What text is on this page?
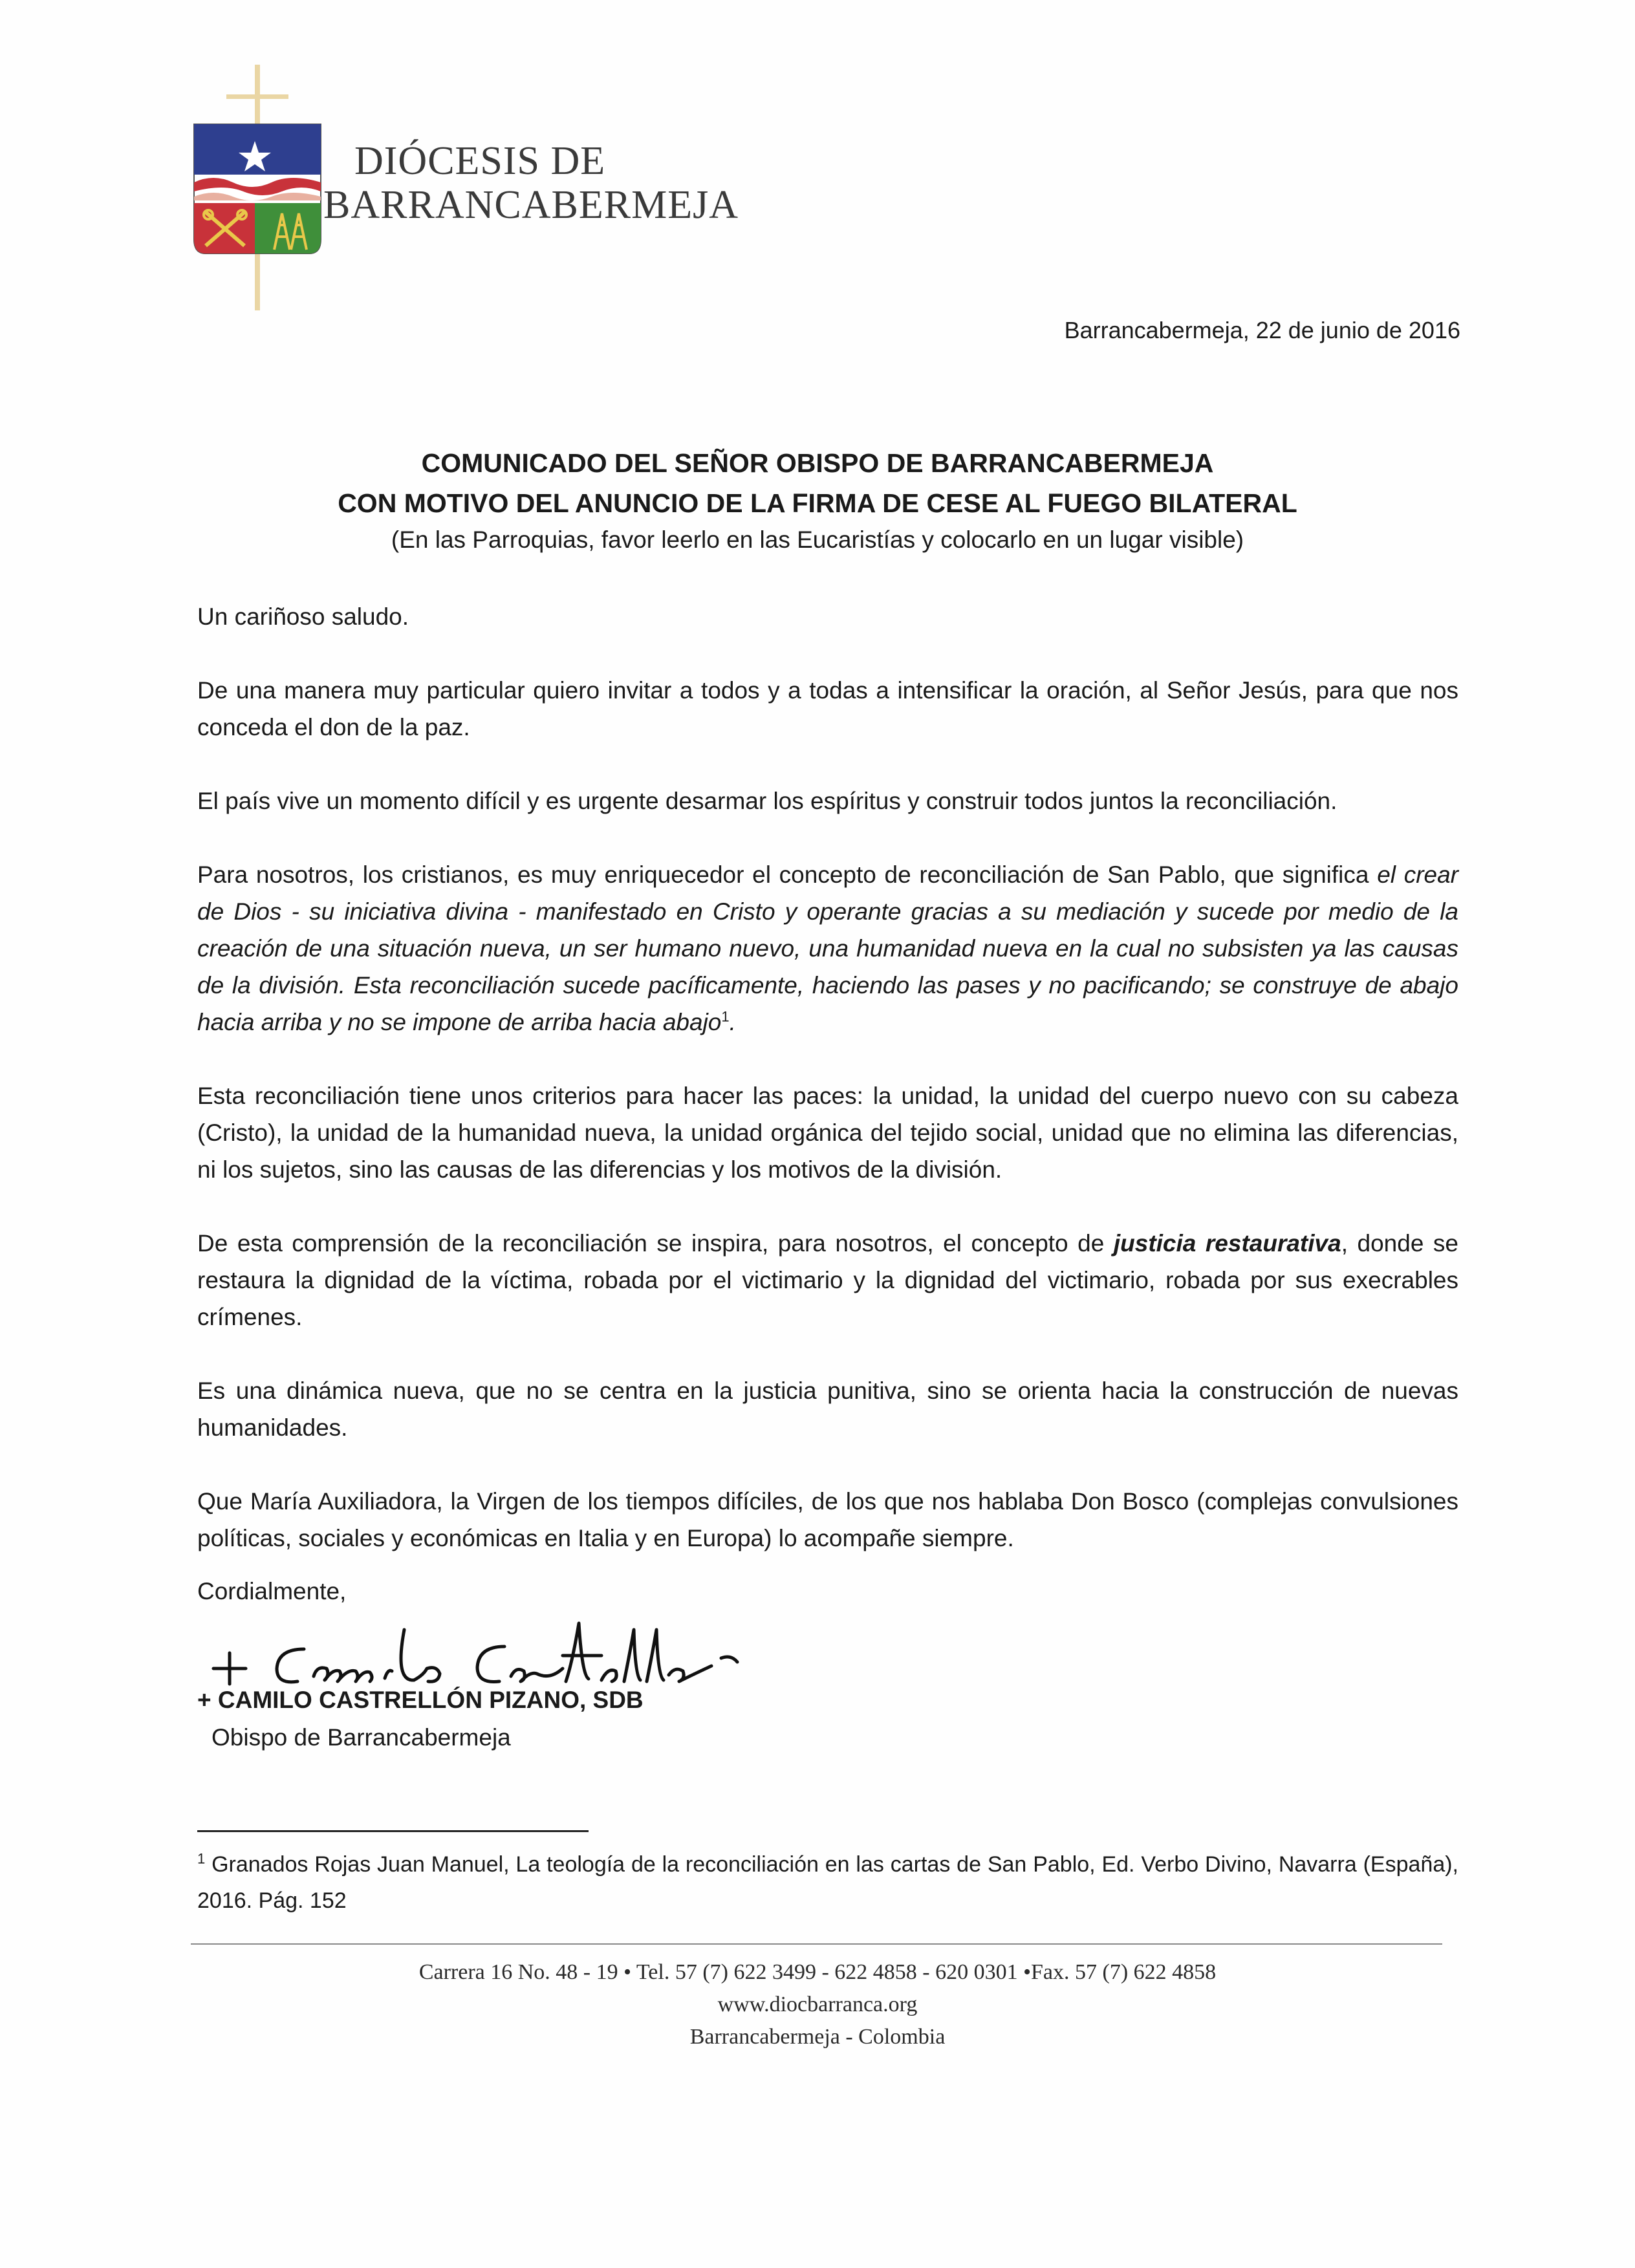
DIÓCESIS DE
BARRANCABERMEJA
Barrancabermeja, 22 de junio de 2016
COMUNICADO DEL SEÑOR OBISPO DE BARRANCABERMEJA
CON MOTIVO DEL ANUNCIO DE LA FIRMA DE CESE AL FUEGO BILATERAL
(En las Parroquias, favor leerlo en las Eucaristías y colocarlo en un lugar visible)

Un cariñoso saludo.

De una manera muy particular quiero invitar a todos y a todas a intensificar la oración, al Señor Jesús, para que nos conceda el don de la paz.

El país vive un momento difícil y es urgente desarmar los espíritus y construir todos juntos la reconciliación.

Para nosotros, los cristianos, es muy enriquecedor el concepto de reconciliación de San Pablo, que significa el crear de Dios - su iniciativa divina - manifestado en Cristo y operante gracias a su mediación y sucede por medio de la creación de una situación nueva, un ser humano nuevo, una humanidad nueva en la cual no subsisten ya las causas de la división. Esta reconciliación sucede pacíficamente, haciendo las pases y no pacificando; se construye de abajo hacia arriba y no se impone de arriba hacia abajo$^1$.

Esta reconciliación tiene unos criterios para hacer las paces: la unidad, la unidad del cuerpo nuevo con su cabeza (Cristo), la unidad de la humanidad nueva, la unidad orgánica del tejido social, unidad que no elimina las diferencias, ni los sujetos, sino las causas de las diferencias y los motivos de la división.

De esta comprensión de la reconciliación se inspira, para nosotros, el concepto de justicia restaurativa, donde se restaura la dignidad de la víctima, robada por el victimario y la dignidad del victimario, robada por sus execrables crímenes.

Es una dinámica nueva, que no se centra en la justicia punitiva, sino se orienta hacia la construcción de nuevas humanidades.

Que María Auxiliadora, la Virgen de los tiempos difíciles, de los que nos hablaba Don Bosco (complejas convulsiones políticas, sociales y económicas en Italia y en Europa) lo acompañe siempre.

Cordialmente,
+ CAMILO CASTRELLÓN PIZANO, SDB
Obispo de Barrancabermeja
$^1$ Granados Rojas Juan Manuel, La teología de la reconciliación en las cartas de San Pablo, Ed. Verbo Divino, Navarra (España), 2016. Pág. 152
Carrera 16 No. 48 - 19 • Tel. 57 (7) 622 3499 - 622 4858 - 620 0301 •Fax. 57 (7) 622 4858
www.diocbarranca.org
Barrancabermeja - Colombia
